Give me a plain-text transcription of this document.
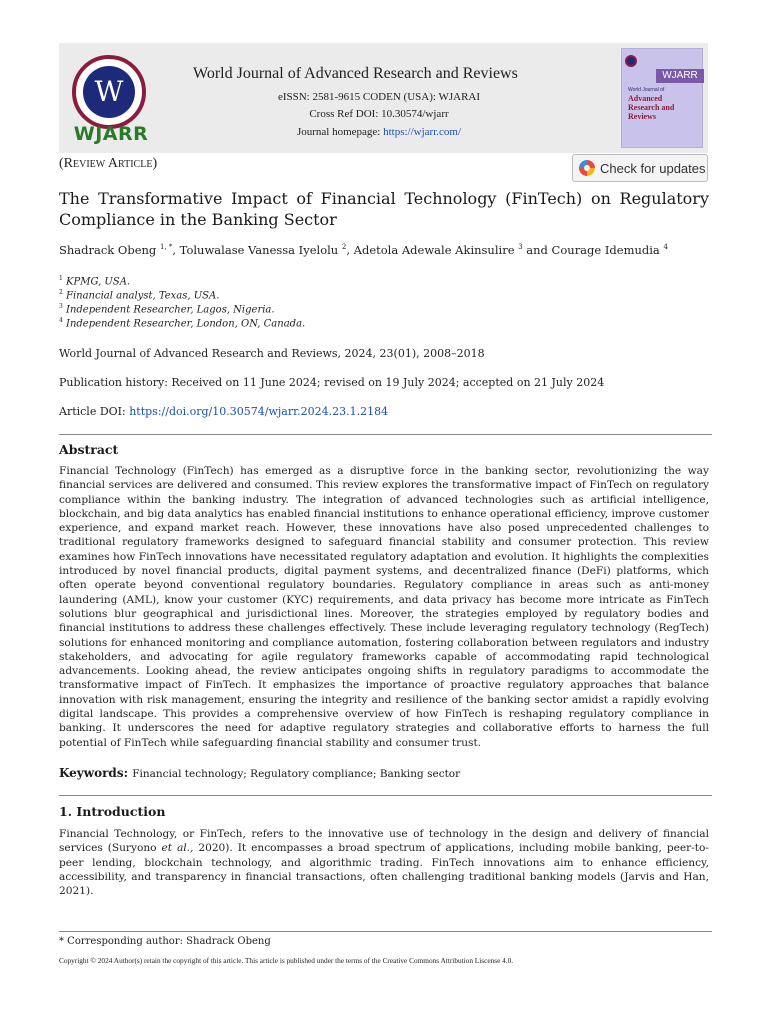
W
WJARR
World Journal of Advanced Research and Reviews
eISSN: 2581-9615 CODEN (USA): WJARAI
Cross Ref DOI: 10.30574/wjarr
Journal homepage: https://wjarr.com/
WJARR
World Journal of
Advanced Research and Reviews
(Review Article)	Check for updates
The Transformative Impact of Financial Technology (FinTech) on Regulatory Compliance in the Banking Sector
Shadrack Obeng $^{1, *}$, Toluwalase Vanessa Iyelolu $^2$, Adetola Adewale Akinsulire $^3$ and Courage Idemudia $^4$
$^1$ KPMG, USA.
$^2$ Financial analyst, Texas, USA.
$^3$ Independent Researcher, Lagos, Nigeria.
$^4$ Independent Researcher, London, ON, Canada.
World Journal of Advanced Research and Reviews, 2024, 23(01), 2008–2018
Publication history: Received on 11 June 2024; revised on 19 July 2024; accepted on 21 July 2024
Article DOI: https://doi.org/10.30574/wjarr.2024.23.1.2184
Abstract
Financial Technology (FinTech) has emerged as a disruptive force in the banking sector, revolutionizing the way financial services are delivered and consumed. This review explores the transformative impact of FinTech on regulatory compliance within the banking industry. The integration of advanced technologies such as artificial intelligence, blockchain, and big data analytics has enabled financial institutions to enhance operational efficiency, improve customer experience, and expand market reach. However, these innovations have also posed unprecedented challenges to traditional regulatory frameworks designed to safeguard financial stability and consumer protection. This review examines how FinTech innovations have necessitated regulatory adaptation and evolution. It highlights the complexities introduced by novel financial products, digital payment systems, and decentralized finance (DeFi) platforms, which often operate beyond conventional regulatory boundaries. Regulatory compliance in areas such as anti-money laundering (AML), know your customer (KYC) requirements, and data privacy has become more intricate as FinTech solutions blur geographical and jurisdictional lines. Moreover, the strategies employed by regulatory bodies and financial institutions to address these challenges effectively. These include leveraging regulatory technology (RegTech) solutions for enhanced monitoring and compliance automation, fostering collaboration between regulators and industry stakeholders, and advocating for agile regulatory frameworks capable of accommodating rapid technological advancements. Looking ahead, the review anticipates ongoing shifts in regulatory paradigms to accommodate the transformative impact of FinTech. It emphasizes the importance of proactive regulatory approaches that balance innovation with risk management, ensuring the integrity and resilience of the banking sector amidst a rapidly evolving digital landscape. This provides a comprehensive overview of how FinTech is reshaping regulatory compliance in banking. It underscores the need for adaptive regulatory strategies and collaborative efforts to harness the full potential of FinTech while safeguarding financial stability and consumer trust.
Keywords: Financial technology; Regulatory compliance; Banking sector
1. Introduction
Financial Technology, or FinTech, refers to the innovative use of technology in the design and delivery of financial services (Suryono et al., 2020). It encompasses a broad spectrum of applications, including mobile banking, peer-to-peer lending, blockchain technology, and algorithmic trading. FinTech innovations aim to enhance efficiency, accessibility, and transparency in financial transactions, often challenging traditional banking models (Jarvis and Han, 2021).
* Corresponding author: Shadrack Obeng
Copyright © 2024 Author(s) retain the copyright of this article. This article is published under the terms of the Creative Commons Attribution Liscense 4.0.
